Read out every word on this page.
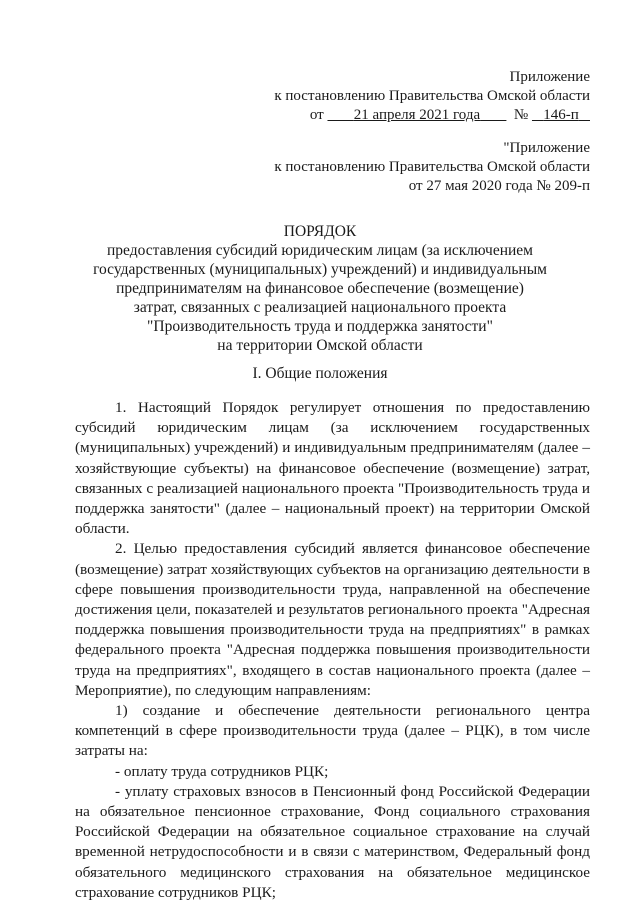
Приложение
к постановлению Правительства Омской области
от 21 апреля 2021 года № 146-п
"Приложение
к постановлению Правительства Омской области
от 27 мая 2020 года № 209-п
ПОРЯДОК
предоставления субсидий юридическим лицам (за исключением
государственных (муниципальных) учреждений) и индивидуальным
предпринимателям на финансовое обеспечение (возмещение)
затрат, связанных с реализацией национального проекта
"Производительность труда и поддержка занятости"
на территории Омской области
I. Общие положения

1. Настоящий Порядок регулирует отношения по предоставлению субсидий юридическим лицам (за исключением государственных (муниципальных) учреждений) и индивидуальным предпринимателям (далее – хозяйствующие субъекты) на финансовое обеспечение (возмещение) затрат, связанных с реализацией национального проекта "Производительность труда и поддержка занятости" (далее – национальный проект) на территории Омской области.

2. Целью предоставления субсидий является финансовое обеспечение (возмещение) затрат хозяйствующих субъектов на организацию деятельности в сфере повышения производительности труда, направленной на обеспечение достижения цели, показателей и результатов регионального проекта "Адресная поддержка повышения производительности труда на предприятиях" в рамках федерального проекта "Адресная поддержка повышения производительности труда на предприятиях", входящего в состав национального проекта (далее – Мероприятие), по следующим направлениям:

1) создание и обеспечение деятельности регионального центра компетенций в сфере производительности труда (далее – РЦК), в том числе затраты на:

- оплату труда сотрудников РЦК;

- уплату страховых взносов в Пенсионный фонд Российской Федерации на обязательное пенсионное страхование, Фонд социального страхования Российской Федерации на обязательное социальное страхование на случай временной нетрудоспособности и в связи с материнством, Федеральный фонд обязательного медицинского страхования на обязательное медицинское страхование сотрудников РЦК;
